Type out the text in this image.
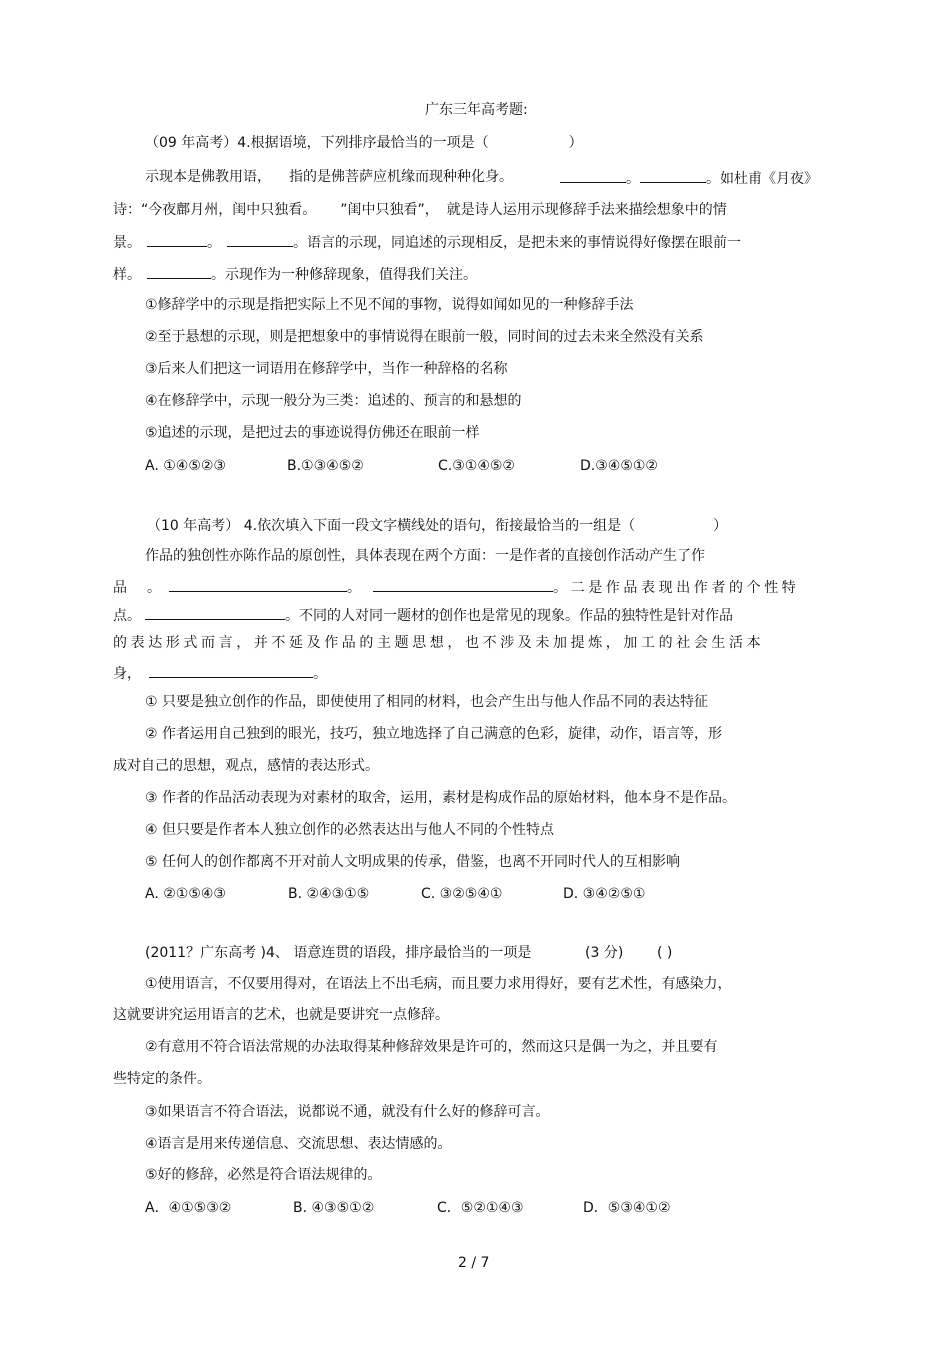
广东三年高考题:
（09 年高考）4.根据语境，下列排序最恰当的一项是（	）
示现本是佛教用语， 指的是佛菩萨应机缘而现种种化身。	。	。如杜甫《月夜》
诗：“今夜鄜月州，闺中只独看。 ”闺中只独看”， 就是诗人运用示现修辞手法来描绘想象中的情
景。	。	。语言的示现，同追述的示现相反，是把未来的事情说得好像摆在眼前一
样。	。示现作为一种修辞现象，值得我们关注。
①修辞学中的示现是指把实际上不见不闻的事物，说得如闻如见的一种修辞手法
②至于悬想的示现，则是把想象中的事情说得在眼前一般，同时间的过去未来全然没有关系
③后来人们把这一词语用在修辞学中，当作一种辞格的名称
④在修辞学中，示现一般分为三类：追述的、预言的和悬想的
⑤追述的示现，是把过去的事迹说得仿佛还在眼前一样
A. ①④⑤②③	B.①③④⑤②	C.③①④⑤②	D.③④⑤①②
（10 年高考） 4.依次填入下面一段文字横线处的语句，衔接最恰当的一组是（	）
作品的独创性亦陈作品的原创性，具体表现在两个方面：一是作者的直接创作活动产生了作
品 。	。	。二是作品表现出作者的个性特
点。	。不同的人对同一题材的创作也是常见的现象。作品的独特性是针对作品
的表达形式而言，并不延及作品的主题思想，也不涉及未加提炼，加工的社会生活本
身，	。
① 只要是独立创作的作品，即使使用了相同的材料，也会产生出与他人作品不同的表达特征
② 作者运用自己独到的眼光，技巧，独立地选择了自己满意的色彩，旋律，动作，语言等，形
成对自己的思想，观点，感情的表达形式。
③ 作者的作品活动表现为对素材的取舍，运用，素材是构成作品的原始材料，他本身不是作品。
④ 但只要是作者本人独立创作的必然表达出与他人不同的个性特点
⑤ 任何人的创作都离不开对前人文明成果的传承，借鉴，也离不开同时代人的互相影响
A. ②①⑤④③	B. ②④③①⑤	C. ③②⑤④①	D. ③④②⑤①
(2011？广东高考 )4、 语意连贯的语段，排序最恰当的一项是	(3 分) ( )
①使用语言，不仅要用得对，在语法上不出毛病，而且要力求用得好，要有艺术性，有感染力，
这就要讲究运用语言的艺术，也就是要讲究一点修辞。
②有意用不符合语法常规的办法取得某种修辞效果是许可的，然而这只是偶一为之，并且要有
些特定的条件。
③如果语言不符合语法，说都说不通，就没有什么好的修辞可言。
④语言是用来传递信息、交流思想、表达情感的。
⑤好的修辞，必然是符合语法规律的。
A．④①⑤③②	B. ④③⑤①②	C．⑤②①④③	D．⑤③④①②
2 / 7
